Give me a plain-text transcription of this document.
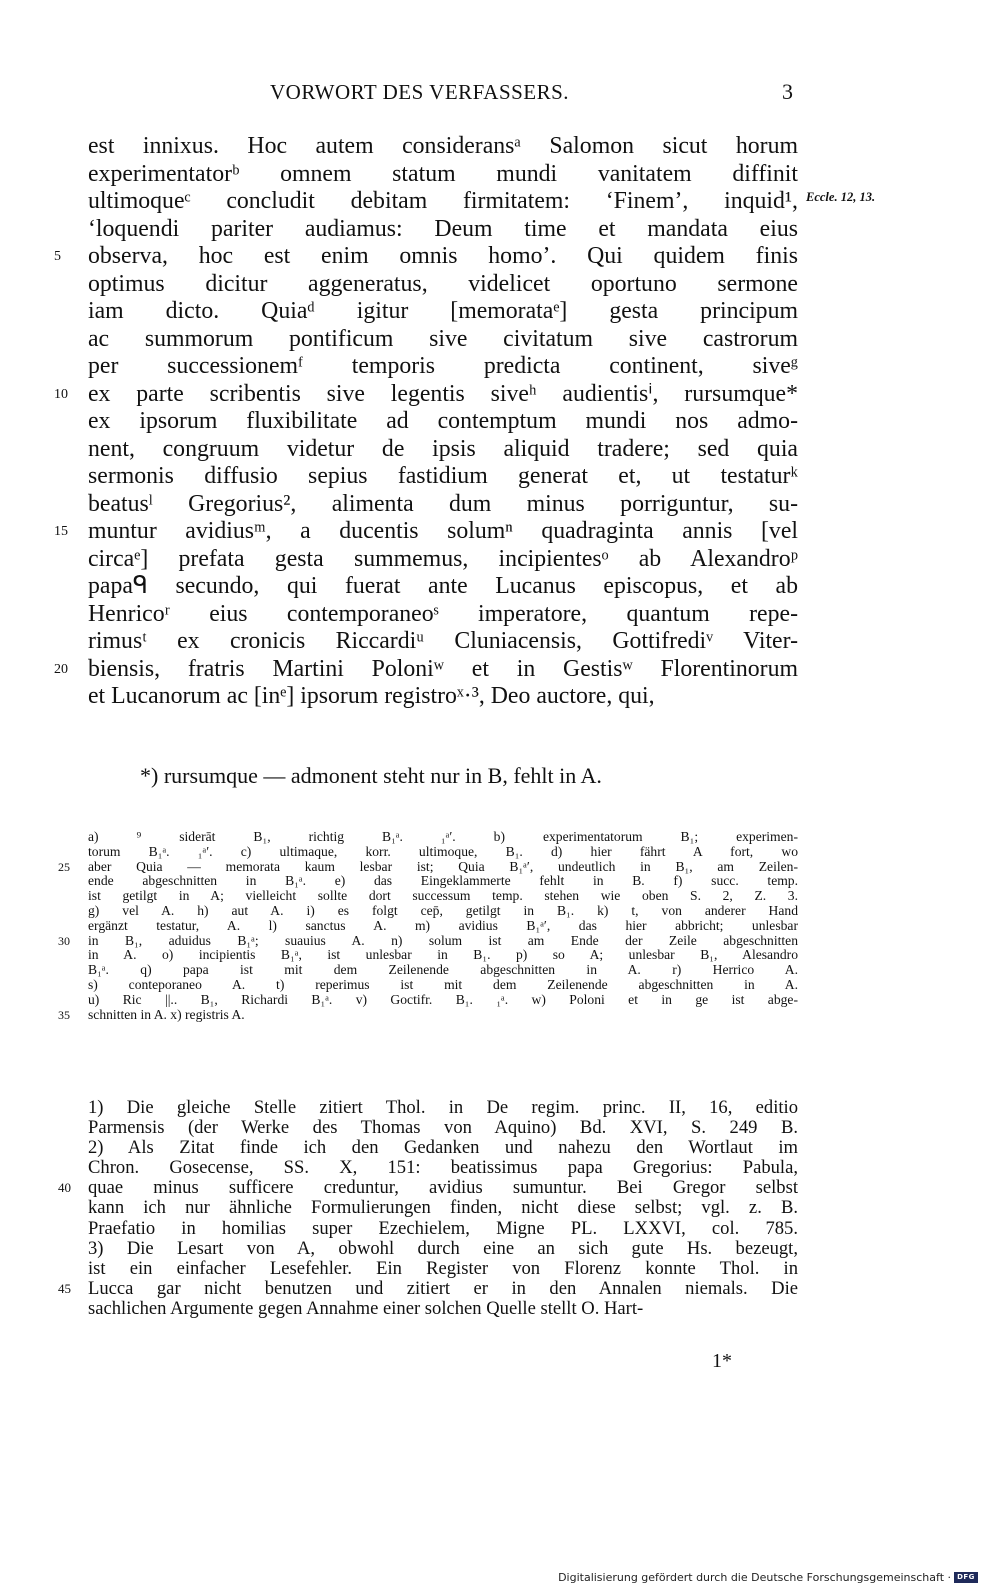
VORWORT DES VERFASSERS.	3
est innixus. Hoc autem consideransᵃ Salomon sicut horum
experimentatorᵇ omnem statum mundi vanitatem diffinit
ultimoqueᶜ concludit debitam firmitatem: ‘Finem’, inquid¹,
‘loquendi pariter audiamus: Deum time et mandata eius
5	observa, hoc est enim omnis homo’. Qui quidem finis
optimus dicitur aggeneratus, videlicet oportuno sermone
iam dicto. Quiaᵈ igitur [memorataᵉ] gesta principum
ac summorum pontificum sive civitatum sive castrorum
per successionemᶠ temporis predicta continent, siveᵍ
10 ex parte scribentis sive legentis siveʰ audientisⁱ, rursumque*
ex ipsorum fluxibilitate ad contemptum mundi nos admo-
nent, congruum videtur de ipsis aliquid tradere; sed quia
sermonis diffusio sepius fastidium generat et, ut testaturᵏ
beatusˡ Gregorius², alimenta dum minus porriguntur, su-
15 muntur avidiusᵐ, a ducentis solumⁿ quadraginta annis [vel
circaᵉ] prefata gesta summemus, incipientesᵒ ab Alexandroᵖ
papaᑫ secundo, qui fuerat ante Lucanus episcopus, et ab
Henricoʳ eius contemporaneoˢ imperatore, quantum repe-
rimusᵗ ex cronicis Riccardiᵘ Cluniacensis, Gottifrediᵛ Viter-
20 biensis, fratris Martini Poloniʷ et in Gestisʷ Florentinorum
et Lucanorum ac [inᵉ] ipsorum registroˣ·³, Deo auctore, qui,
Eccle. 12, 13.
*) rursumque — admonent steht nur in B, fehlt in A.
a) ⁹ siderāt B₁, richtig B₁ᵃ. ₁ᵃ′. b) experimentatorum B₁; experimen-
torum B₁ᵃ. ₁ᵃ′. c) ultimaque, korr. ultimoque, B₁. d) hier fährt A fort, wo
25	aber Quia — memorata kaum lesbar ist; Quia B₁ᵃ′, undeutlich in B₁, am Zeilen-
ende abgeschnitten in B₁ᵃ. e) das Eingeklammerte fehlt in B. f) succ. temp.
ist getilgt in A; vielleicht sollte dort successum temp. stehen wie oben S. 2, Z. 3.
g) vel A. h) aut A. i) es folgt cep̄, getilgt in B₁. k) t, von anderer Hand
ergänzt testatur, A. l) sanctus A. m) avidius B₁ᵃ′, das hier abbricht; unlesbar
30	in B₁, aduidus B₁ᵃ; suauius A. n) solum ist am Ende der Zeile abgeschnitten
in A. o) incipientis B₁ᵃ, ist unlesbar in B₁. p) so A; unlesbar B₁, Alesandro
B₁ᵃ. q) papa ist mit dem Zeilenende abgeschnitten in A. r) Herrico A.
s) conteporaneo A. t) reperimus ist mit dem Zeilenende abgeschnitten in A.
u) Ric ||.. B₁, Richardi B₁ᵃ. v) Goctifr. B₁. ₁ᵃ. w) Poloni et in ge ist abge-
35	schnitten in A. x) registris A.
1) Die gleiche Stelle zitiert Thol. in De regim. princ. II, 16, editio
Parmensis (der Werke des Thomas von Aquino) Bd. XVI, S. 249 B.
2) Als Zitat finde ich den Gedanken und nahezu den Wortlaut im
Chron. Gosecense, SS. X, 151: beatissimus papa Gregorius: Pabula,
40 quae minus sufficere creduntur, avidius sumuntur. Bei Gregor selbst
kann ich nur ähnliche Formulierungen finden, nicht diese selbst; vgl. z. B.
Praefatio in homilias super Ezechielem, Migne PL. LXXVI, col. 785.
3) Die Lesart von A, obwohl durch eine an sich gute Hs. bezeugt,
ist ein einfacher Lesefehler. Ein Register von Florenz konnte Thol. in
45 Lucca gar nicht benutzen und zitiert er in den Annalen niemals. Die
sachlichen Argumente gegen Annahme einer solchen Quelle stellt O. Hart-
1*
Digitalisierung gefördert durch die Deutsche Forschungsgemeinschaft · DFG
